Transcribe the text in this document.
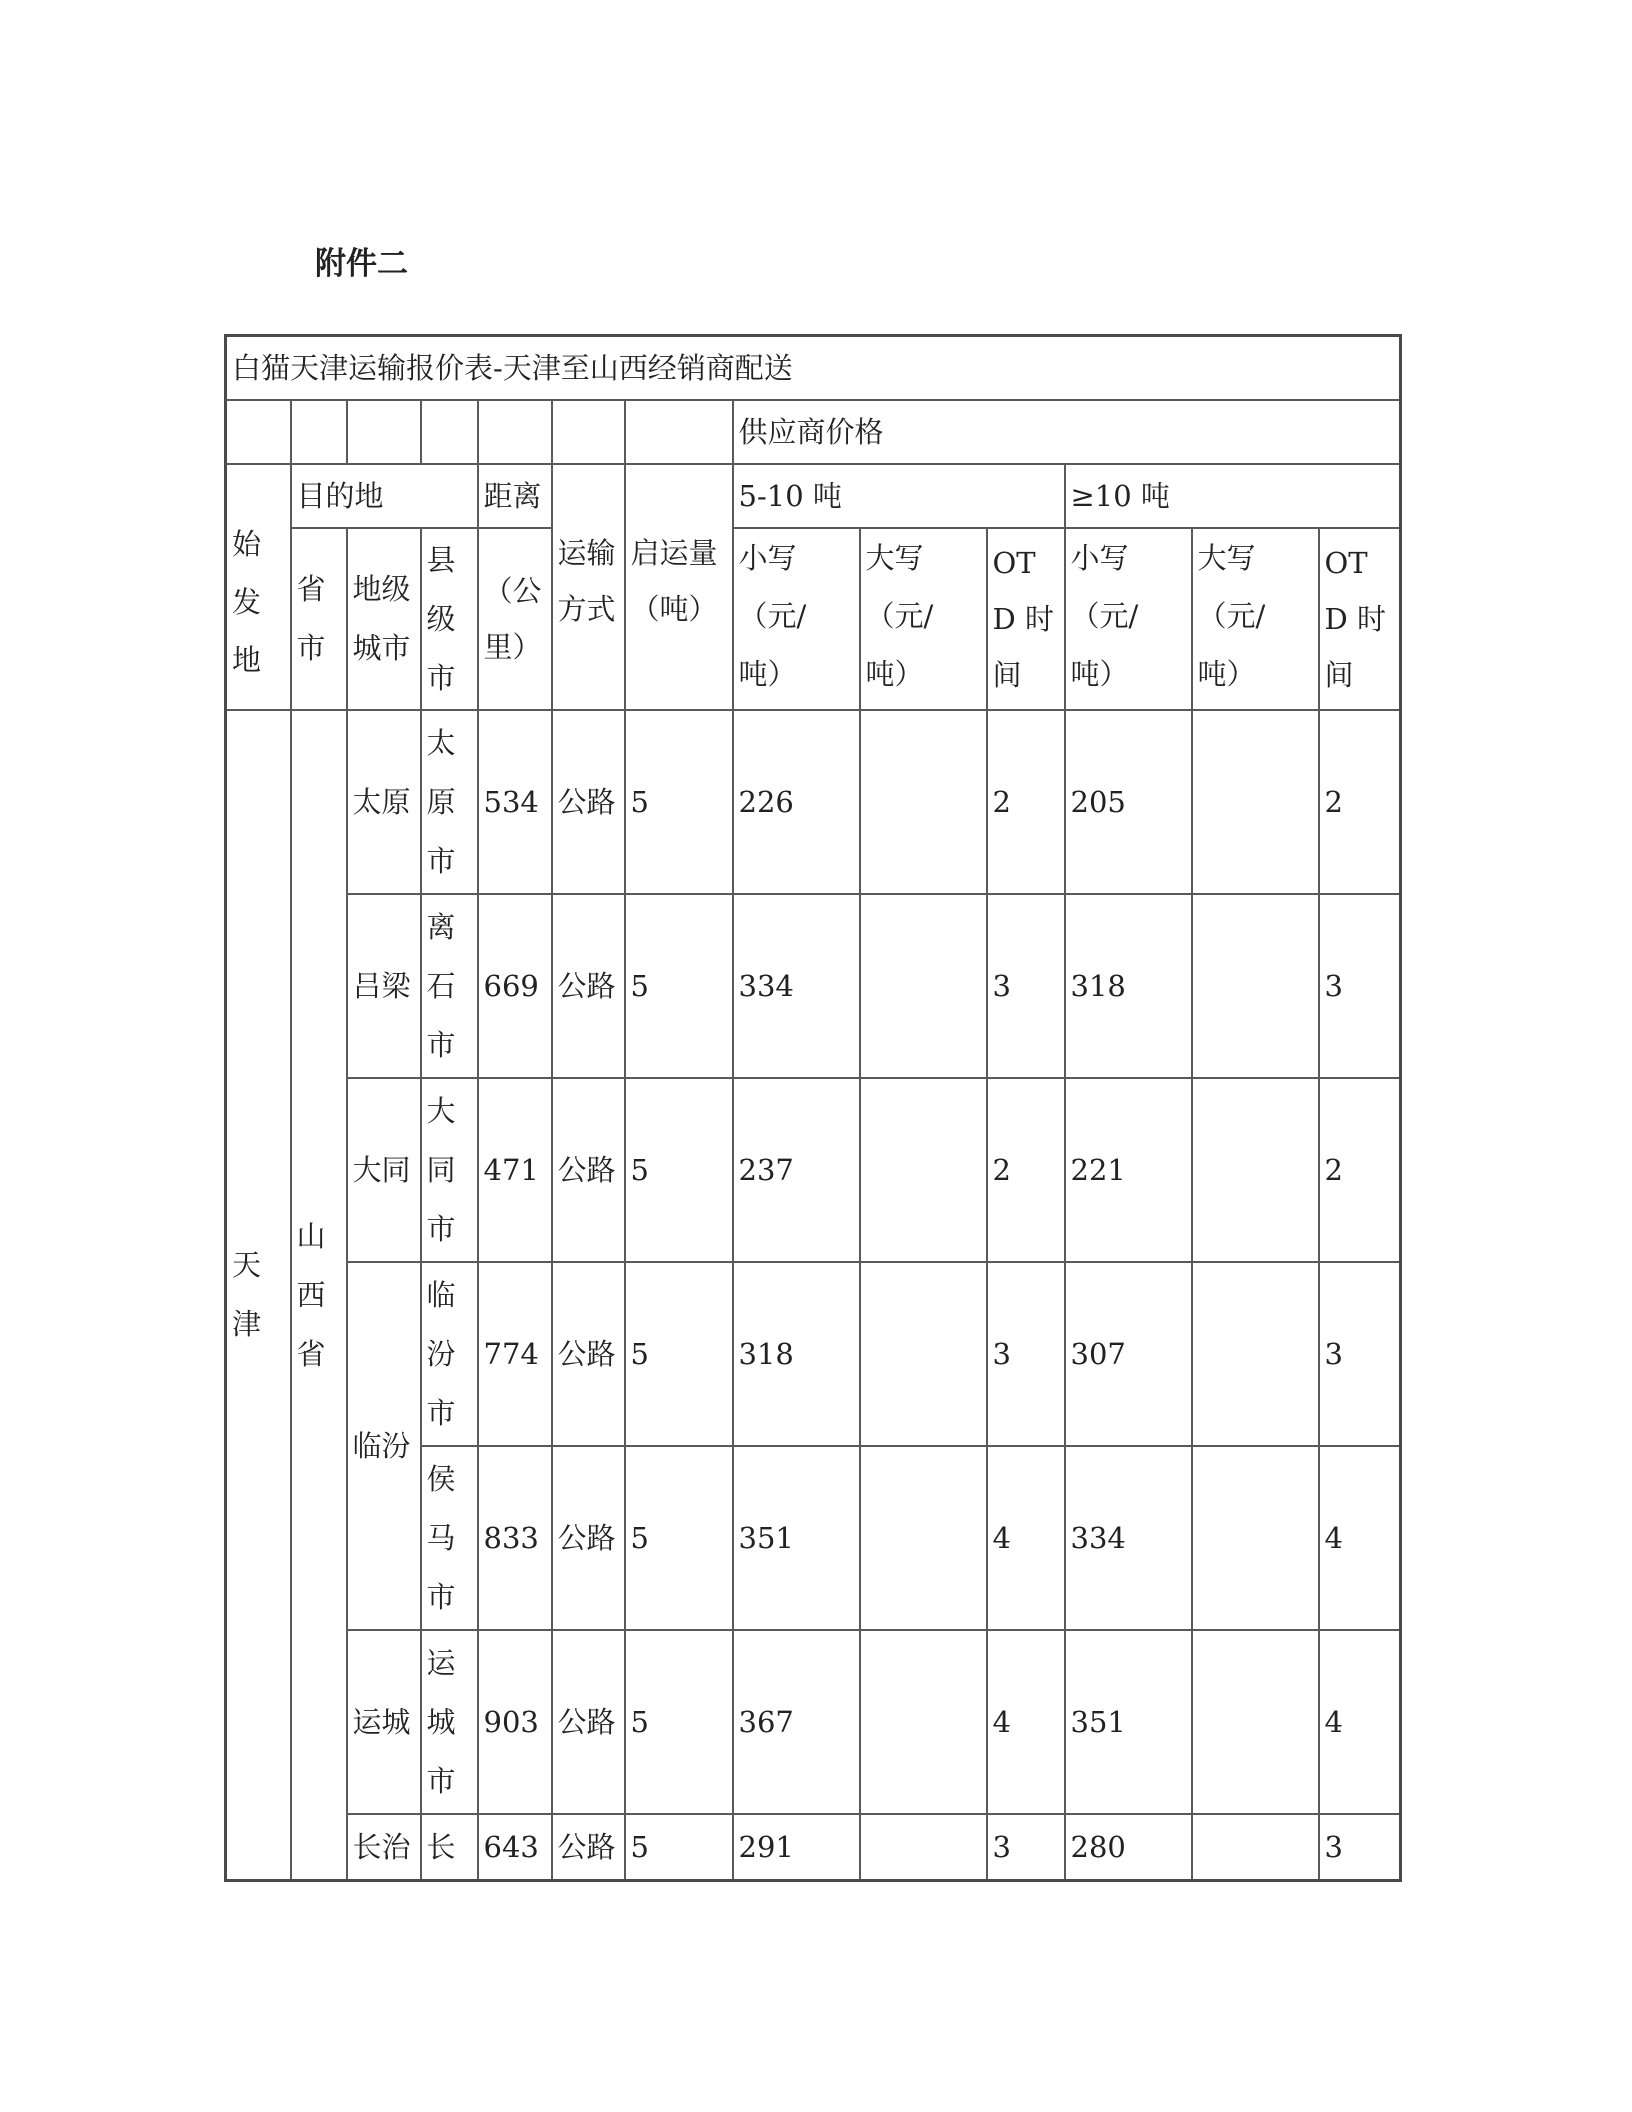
附件二
白猫天津运输报价表-天津至山西经销商配送												
							供应商价格					

始发地	目的地			距离	运输方式	启运量（吨）	5-10 吨			≥10 吨		

	省市	地级城市	县级市	（公里）			小写（元/吨）	大写（元/吨）	OTD 时间	小写（元/吨）	大写（元/吨）	OTD 时间

天津	山西省	太原	太原市	534	公路	5	226		2	205		2
		吕梁	离石市	669	公路	5	334		3	318		3
		大同	大同市	471	公路	5	237		2	221		2
		临汾	临汾市	774	公路	5	318		3	307		3

			侯马市	833	公路	5	351		4	334		4
		运城	运城市	903	公路	5	367		4	351		4
		长治	长	643	公路	5	291		3	280		3
